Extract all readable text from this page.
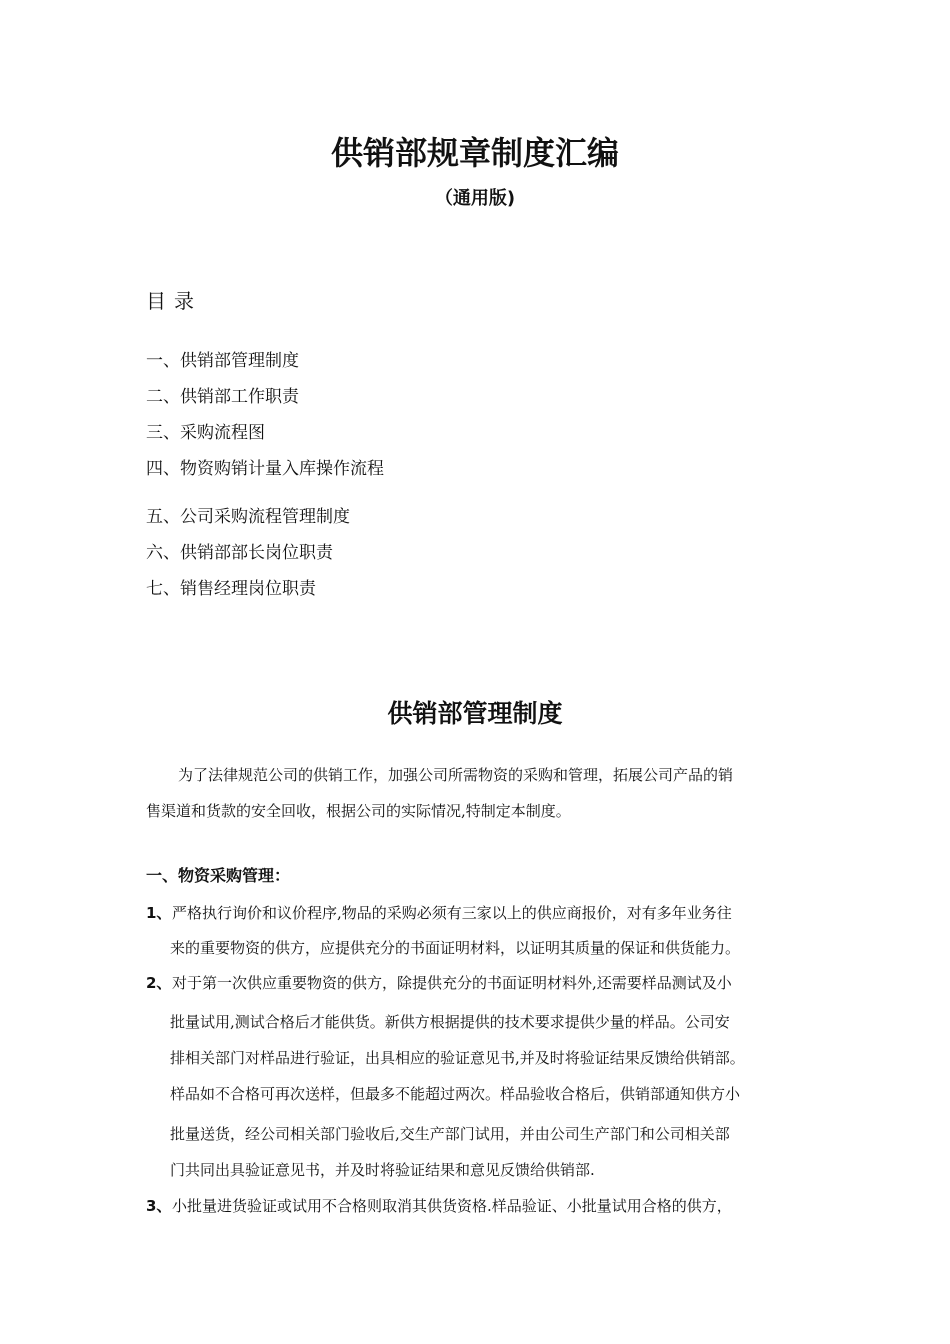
供销部规章制度汇编
（通用版)
目录
一、供销部管理制度
二、供销部工作职责
三、采购流程图
四、物资购销计量入库操作流程
五、公司采购流程管理制度
六、供销部部长岗位职责
七、销售经理岗位职责
供销部管理制度
为了法律规范公司的供销工作，加强公司所需物资的采购和管理，拓展公司产品的销
售渠道和货款的安全回收，根据公司的实际情况,特制定本制度。
一、物资采购管理：
1、 严格执行询价和议价程序,物品的采购必须有三家以上的供应商报价，对有多年业务往
来的重要物资的供方，应提供充分的书面证明材料，以证明其质量的保证和供货能力。
2、 对于第一次供应重要物资的供方，除提供充分的书面证明材料外,还需要样品测试及小
批量试用,测试合格后才能供货。新供方根据提供的技术要求提供少量的样品。公司安
排相关部门对样品进行验证，出具相应的验证意见书,并及时将验证结果反馈给供销部。
样品如不合格可再次送样，但最多不能超过两次。样品验收合格后，供销部通知供方小
批量送货，经公司相关部门验收后,交生产部门试用，并由公司生产部门和公司相关部
门共同出具验证意见书，并及时将验证结果和意见反馈给供销部.
3、 小批量进货验证或试用不合格则取消其供货资格.样品验证、小批量试用合格的供方，
